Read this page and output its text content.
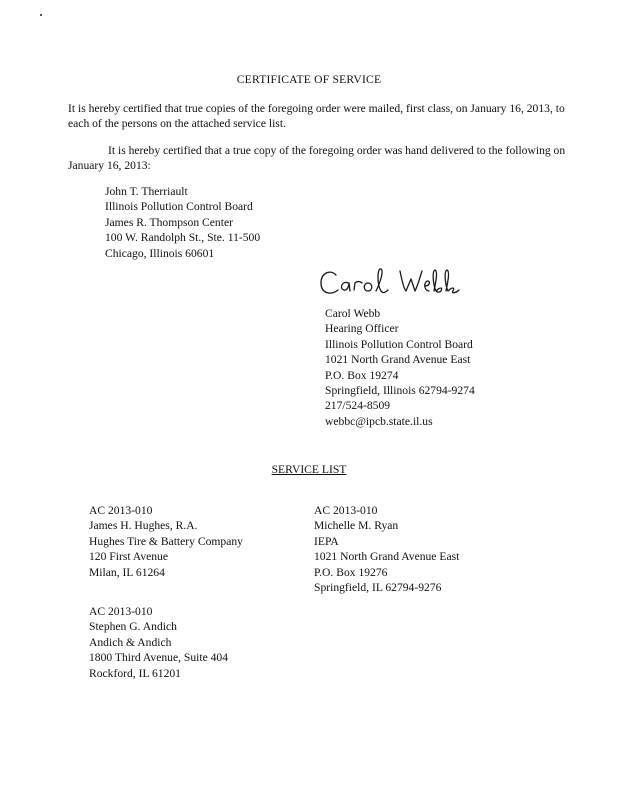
CERTIFICATE OF SERVICE
It is hereby certified that true copies of the foregoing order were mailed, first class, on January 16, 2013, to each of the persons on the attached service list.
It is hereby certified that a true copy of the foregoing order was hand delivered to the following on January 16, 2013:
John T. Therriault
Illinois Pollution Control Board
James R. Thompson Center
100 W. Randolph St., Ste. 11-500
Chicago, Illinois 60601
Carol Webb
Hearing Officer
Illinois Pollution Control Board
1021 North Grand Avenue East
P.O. Box 19274
Springfield, Illinois 62794-9274
217/524-8509
webbc@ipcb.state.il.us
SERVICE LIST
AC 2013-010
James H. Hughes, R.A.
Hughes Tire & Battery Company
120 First Avenue
Milan, IL 61264
AC 2013-010
Michelle M. Ryan
IEPA
1021 North Grand Avenue East
P.O. Box 19276
Springfield, IL 62794-9276
AC 2013-010
Stephen G. Andich
Andich & Andich
1800 Third Avenue, Suite 404
Rockford, IL 61201
